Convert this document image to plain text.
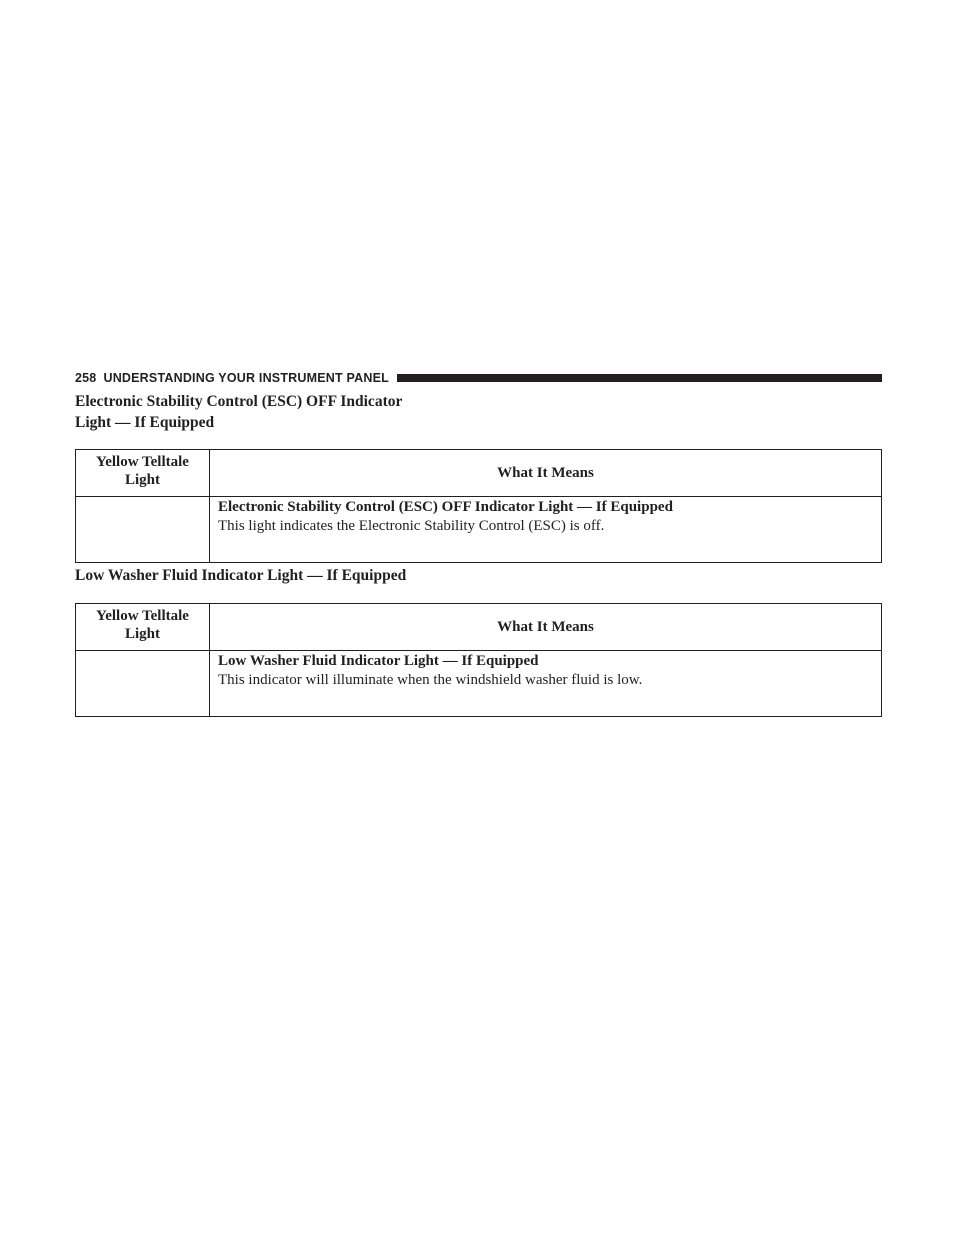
258 UNDERSTANDING YOUR INSTRUMENT PANEL
Electronic Stability Control (ESC) OFF Indicator
Light — If Equipped
Yellow Telltale
Light	What It Means

	Electronic Stability Control (ESC) OFF Indicator Light — If Equipped
This light indicates the Electronic Stability Control (ESC) is off.
Low Washer Fluid Indicator Light — If Equipped
Yellow Telltale
Light	What It Means

	Low Washer Fluid Indicator Light — If Equipped
This indicator will illuminate when the windshield washer fluid is low.
